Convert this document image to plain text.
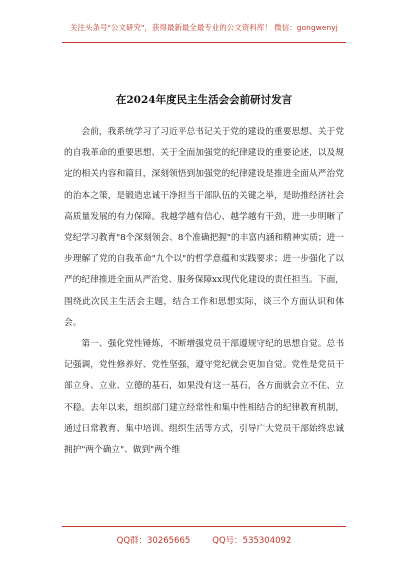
关注头条号"公文研究"，获得最新最全最专业的公文资料库！ 微信：gongwenyj
在2024年度民主生活会会前研讨发言

会前，我系统学习了习近平总书记关于党的建设的重要思想、关于党的自我革命的重要思想、关于全面加强党的纪律建设的重要论述，以及规定的相关内容和篇目，深刻领悟到加强党的纪律建设是推进全面从严治党的治本之策，是锻造忠诚干净担当干部队伍的关键之举，是助推经济社会高质量发展的有力保障。我越学越有信心、越学越有干劲，进一步明晰了党纪学习教育"8个深刻领会、8个准确把握"的丰富内涵和精神实质；进一步理解了党的自我革命"九个以"的哲学意蕴和实践要求；进一步强化了以严的纪律推进全面从严治党、服务保障xx现代化建设的责任担当。下面，围绕此次民主生活会主题，结合工作和思想实际，谈三个方面认识和体会。

第一、强化党性锤炼，不断增强党员干部遵规守纪的思想自觉。总书记强调，党性修养好、党性坚强，遵守党纪就会更加自觉。党性是党员干部立身、立业、立德的基石，如果没有这一基石，各方面就会立不住、立不稳。去年以来，组织部门建立经常性和集中性相结合的纪律教育机制，通过日常教育、集中培训、组织生活等方式，引导广大党员干部始终忠诚拥护"两个确立"、做到"两个维

QQ群：30265665	QQ号：535304092
